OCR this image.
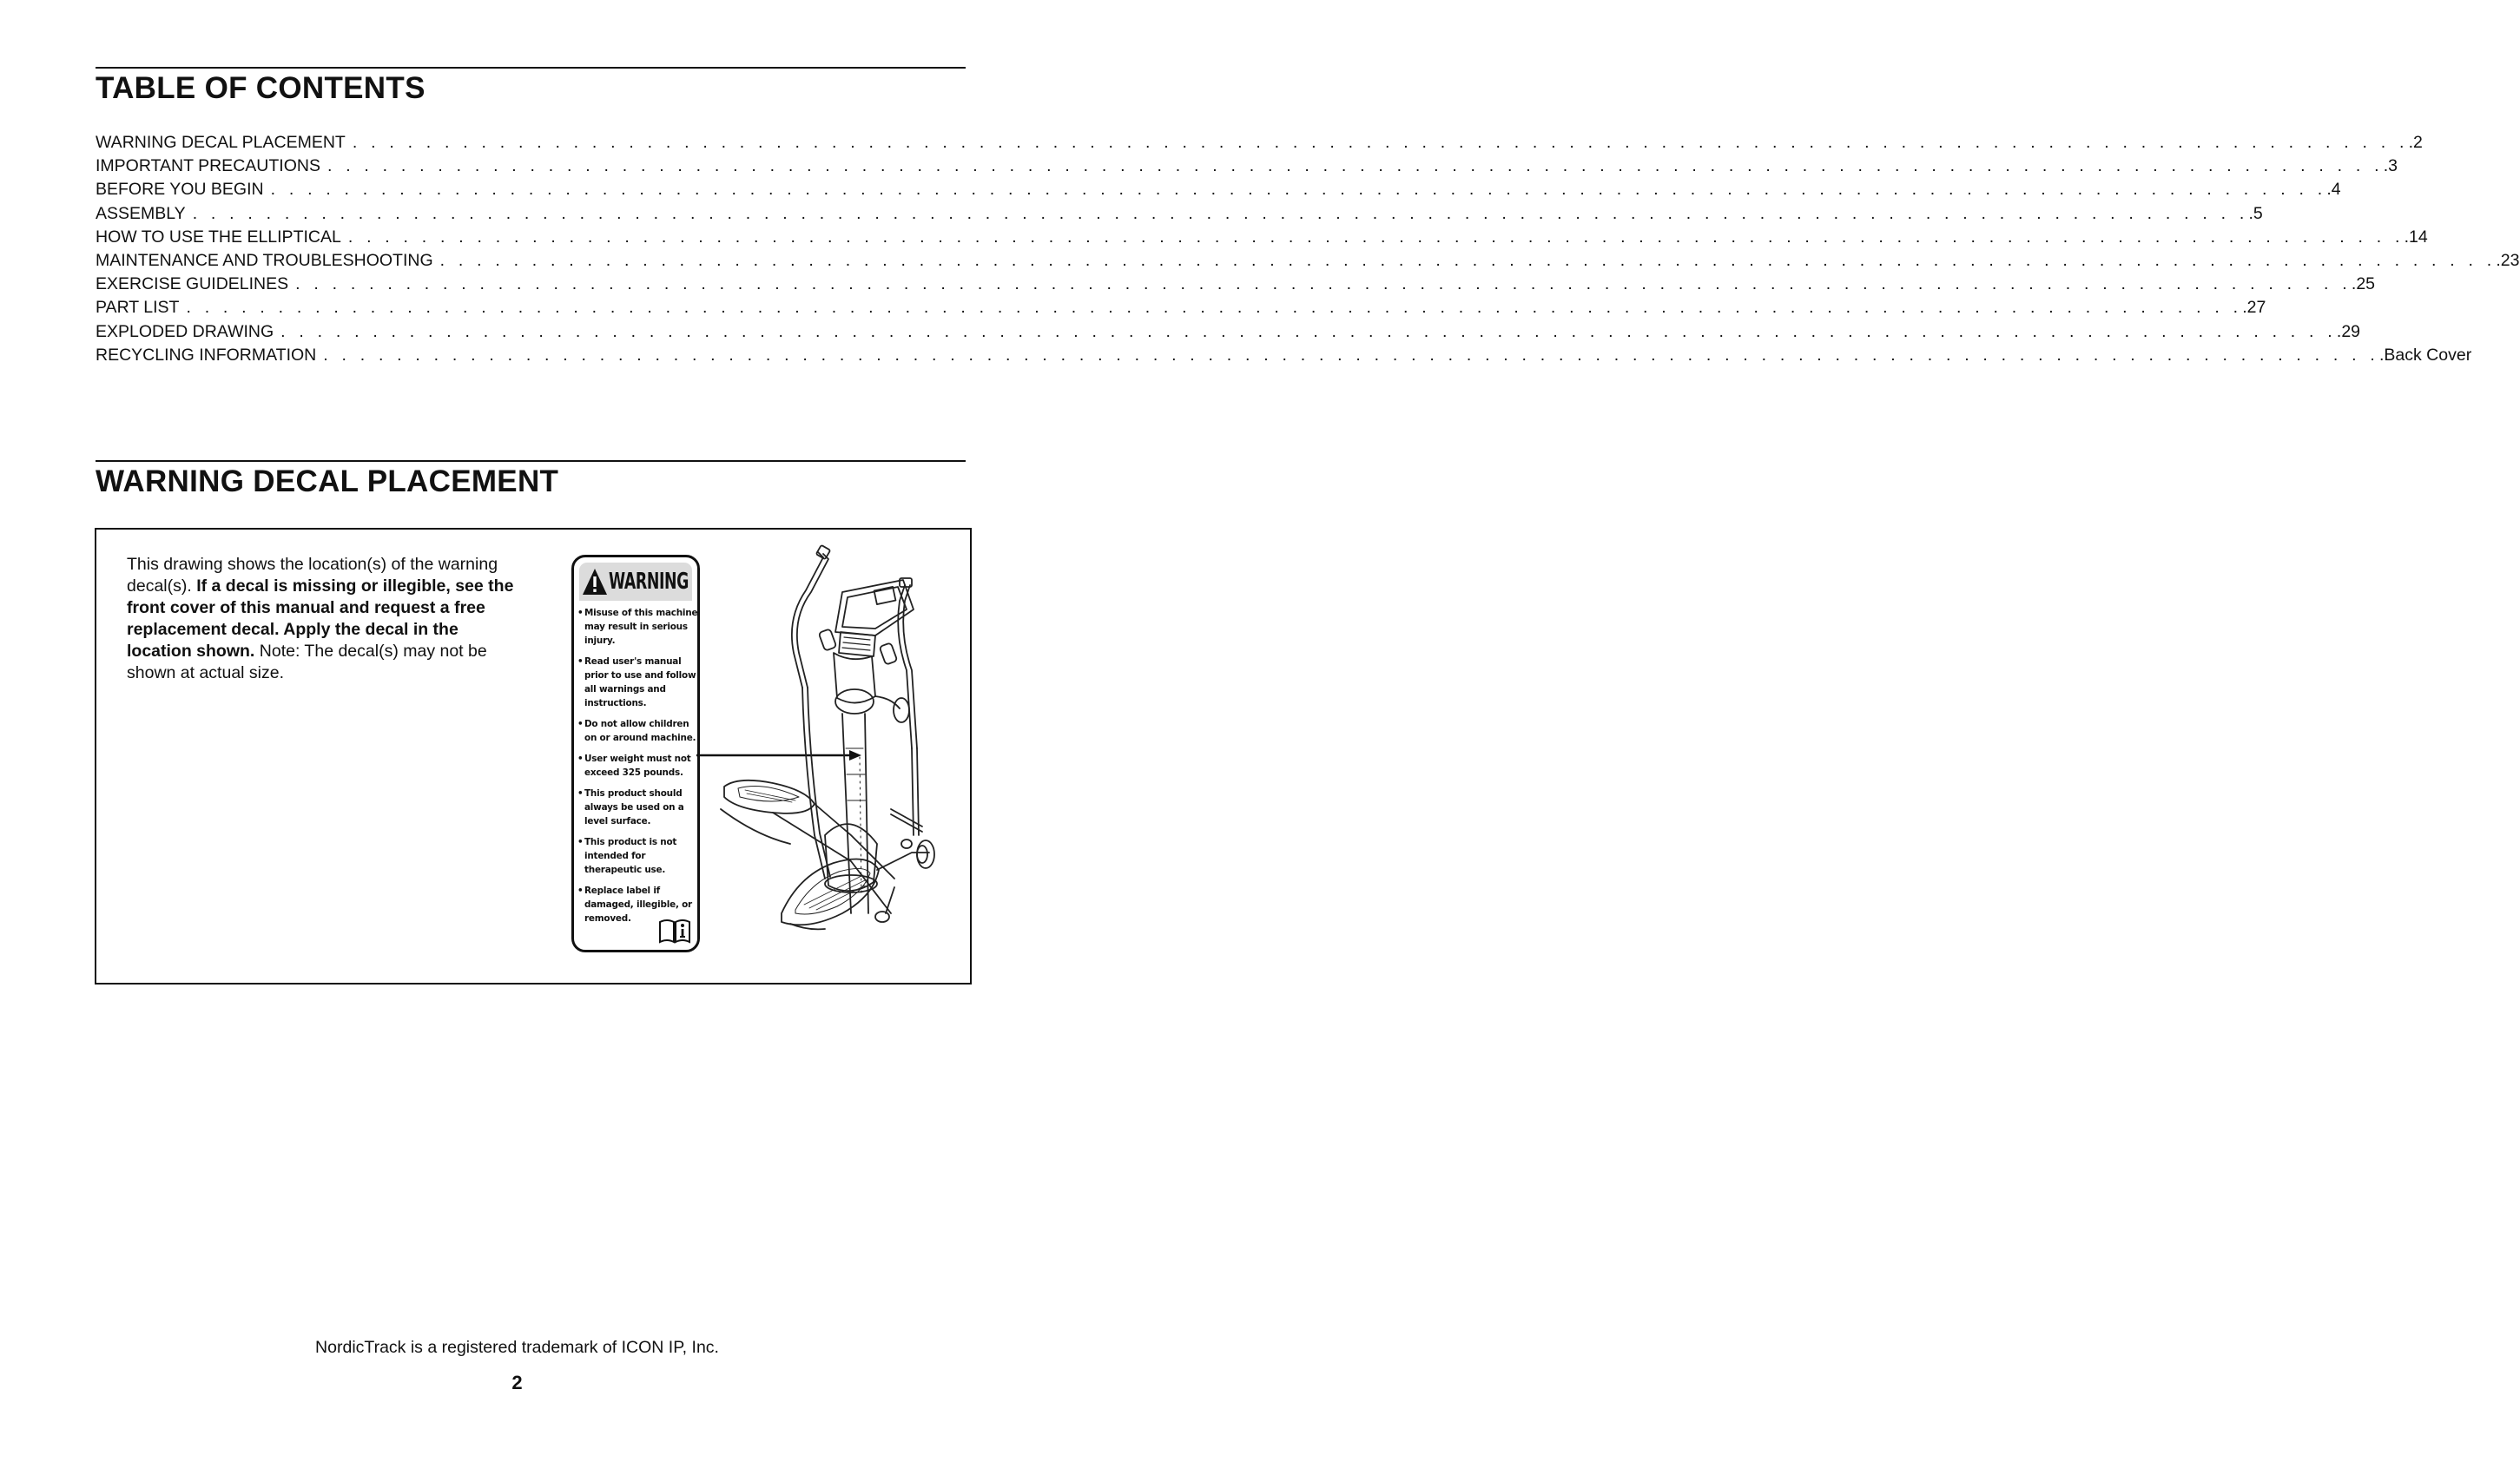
TABLE OF CONTENTS
WARNING DECAL PLACEMENT . . . . . . . . . . . . . . . . . . . . . . . . . . . . . . . . . . . . . . . . . . . . . . . . . . . . . . . . . . . . . . . . . . . . . . . . . . . . . . . . . . . . . . . . . . . . . . . . . . . . . . . . . . . . . . . . .2
IMPORTANT PRECAUTIONS . . . . . . . . . . . . . . . . . . . . . . . . . . . . . . . . . . . . . . . . . . . . . . . . . . . . . . . . . . . . . . . . . . . . . . . . . . . . . . . . . . . . . . . . . . . . . . . . . . . . . . . . . . . . . . . . .3
BEFORE YOU BEGIN . . . . . . . . . . . . . . . . . . . . . . . . . . . . . . . . . . . . . . . . . . . . . . . . . . . . . . . . . . . . . . . . . . . . . . . . . . . . . . . . . . . . . . . . . . . . . . . . . . . . . . . . . . . . . . . . .4
ASSEMBLY . . . . . . . . . . . . . . . . . . . . . . . . . . . . . . . . . . . . . . . . . . . . . . . . . . . . . . . . . . . . . . . . . . . . . . . . . . . . . . . . . . . . . . . . . . . . . . . . . . . . . . . . . . . . . . . . .5
HOW TO USE THE ELLIPTICAL . . . . . . . . . . . . . . . . . . . . . . . . . . . . . . . . . . . . . . . . . . . . . . . . . . . . . . . . . . . . . . . . . . . . . . . . . . . . . . . . . . . . . . . . . . . . . . . . . . . . . . . . . . . . . . . . .14
MAINTENANCE AND TROUBLESHOOTING . . . . . . . . . . . . . . . . . . . . . . . . . . . . . . . . . . . . . . . . . . . . . . . . . . . . . . . . . . . . . . . . . . . . . . . . . . . . . . . . . . . . . . . . . . . . . . . . . . . . . . . . . . . . . . . . .23
EXERCISE GUIDELINES . . . . . . . . . . . . . . . . . . . . . . . . . . . . . . . . . . . . . . . . . . . . . . . . . . . . . . . . . . . . . . . . . . . . . . . . . . . . . . . . . . . . . . . . . . . . . . . . . . . . . . . . . . . . . . . . .25
PART LIST . . . . . . . . . . . . . . . . . . . . . . . . . . . . . . . . . . . . . . . . . . . . . . . . . . . . . . . . . . . . . . . . . . . . . . . . . . . . . . . . . . . . . . . . . . . . . . . . . . . . . . . . . . . . . . . . .27
EXPLODED DRAWING . . . . . . . . . . . . . . . . . . . . . . . . . . . . . . . . . . . . . . . . . . . . . . . . . . . . . . . . . . . . . . . . . . . . . . . . . . . . . . . . . . . . . . . . . . . . . . . . . . . . . . . . . . . . . . . . .29
RECYCLING INFORMATION . . . . . . . . . . . . . . . . . . . . . . . . . . . . . . . . . . . . . . . . . . . . . . . . . . . . . . . . . . . . . . . . . . . . . . . . . . . . . . . . . . . . . . . . . . . . . . . . . . . . . . . . . . . . . . . . .Back Cover
WARNING DECAL PLACEMENT

This drawing shows the location(s) of the warning decal(s). If a decal is missing or illegible, see the front cover of this manual and request a free replacement decal. Apply the decal in the location shown. Note: The decal(s) may not be shown at actual size.

WARNING
• Misuse of this machine may result in serious injury.
• Read user's manual prior to use and follow all warnings and instructions.
• Do not allow children on or around machine.
• User weight must not exceed 325 pounds.
• This product should always be used on a level surface.
• This product is not intended for therapeutic use.
• Replace label if damaged, illegible, or removed.

NordicTrack is a registered trademark of ICON IP, Inc.

2
